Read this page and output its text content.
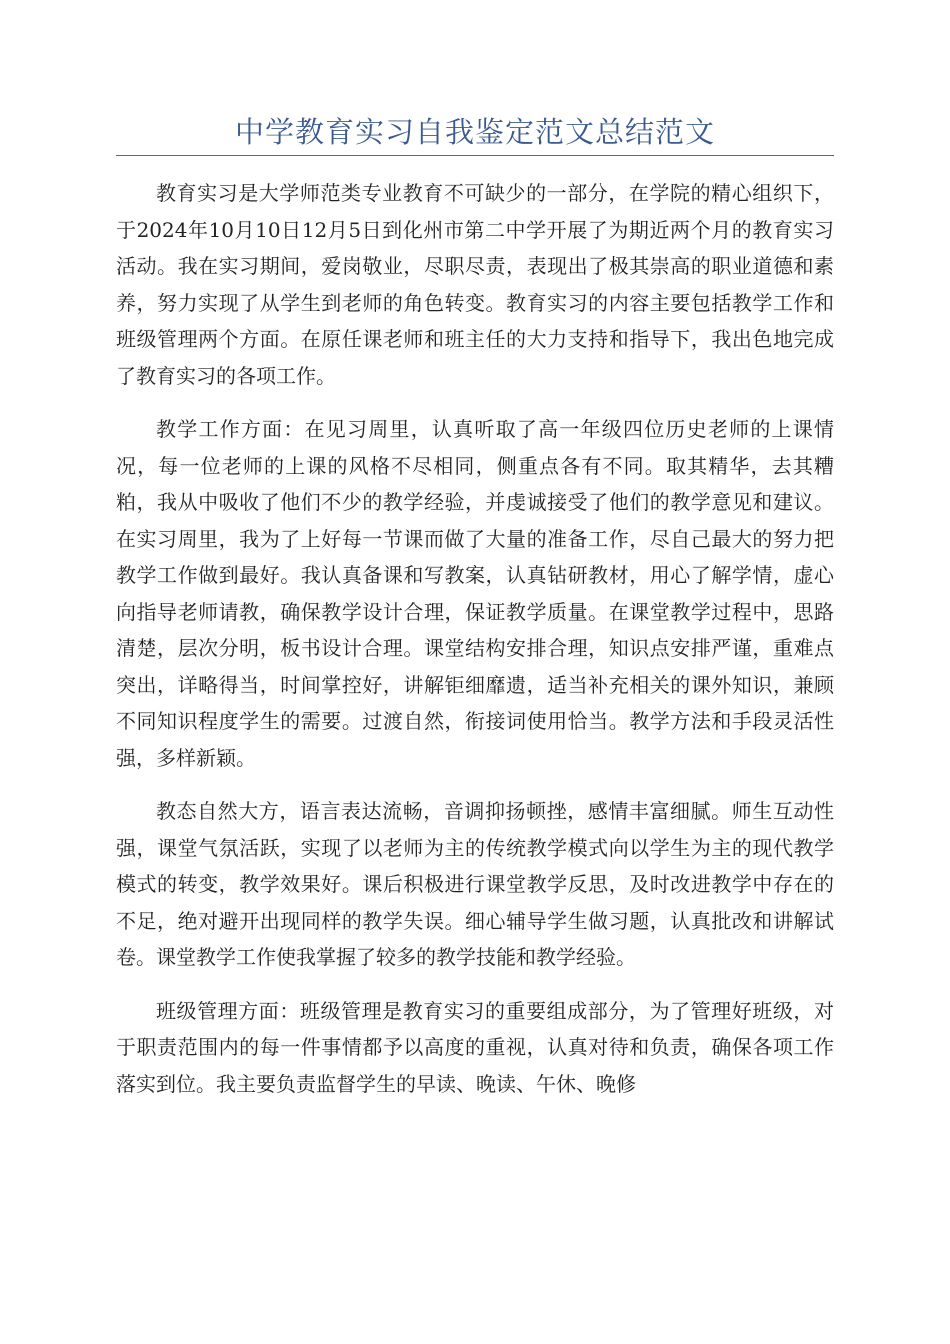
中学教育实习自我鉴定范文总结范文

教育实习是大学师范类专业教育不可缺少的一部分，在学院的精心组织下，于2024年10月10日12月5日到化州市第二中学开展了为期近两个月的教育实习活动。我在实习期间，爱岗敬业，尽职尽责，表现出了极其崇高的职业道德和素养，努力实现了从学生到老师的角色转变。教育实习的内容主要包括教学工作和班级管理两个方面。在原任课老师和班主任的大力支持和指导下，我出色地完成了教育实习的各项工作。

教学工作方面：在见习周里，认真听取了高一年级四位历史老师的上课情况，每一位老师的上课的风格不尽相同，侧重点各有不同。取其精华，去其糟粕，我从中吸收了他们不少的教学经验，并虔诚接受了他们的教学意见和建议。在实习周里，我为了上好每一节课而做了大量的准备工作，尽自己最大的努力把教学工作做到最好。我认真备课和写教案，认真钻研教材，用心了解学情，虚心向指导老师请教，确保教学设计合理，保证教学质量。在课堂教学过程中，思路清楚，层次分明，板书设计合理。课堂结构安排合理，知识点安排严谨，重难点突出，详略得当，时间掌控好，讲解钜细靡遗，适当补充相关的课外知识，兼顾不同知识程度学生的需要。过渡自然，衔接词使用恰当。教学方法和手段灵活性强，多样新颖。

教态自然大方，语言表达流畅，音调抑扬顿挫，感情丰富细腻。师生互动性强，课堂气氛活跃，实现了以老师为主的传统教学模式向以学生为主的现代教学模式的转变，教学效果好。课后积极进行课堂教学反思，及时改进教学中存在的不足，绝对避开出现同样的教学失误。细心辅导学生做习题，认真批改和讲解试卷。课堂教学工作使我掌握了较多的教学技能和教学经验。

班级管理方面：班级管理是教育实习的重要组成部分，为了管理好班级，对于职责范围内的每一件事情都予以高度的重视，认真对待和负责，确保各项工作落实到位。我主要负责监督学生的早读、晚读、午休、晚修
